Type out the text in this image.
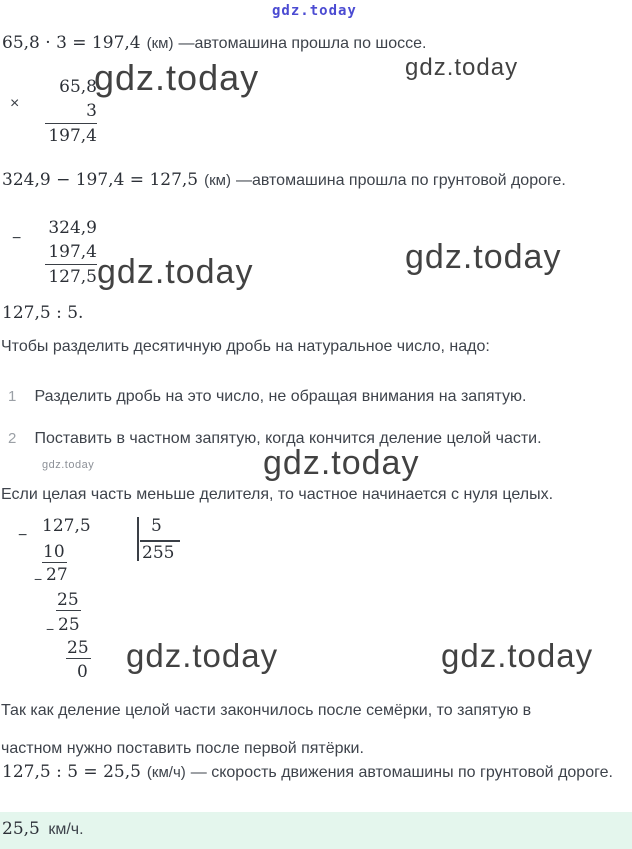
gdz.today
gdz.today	gdz.today
gdz.today
gdz.today
gdz.today	gdz.today
gdz.today	gdz.today
65,8 · 3 = 197,4 (км) —автомашина прошла по шоссе.
×
65,8
3
197,4
324,9 − 197,4 = 127,5 (км) —автомашина прошла по грунтовой дороге.
−
324,9
197,4
127,5
127,5 : 5.
Чтобы разделить десятичную дробь на натуральное число, надо:
1 Разделить дробь на это число, не обращая внимания на запятую.
2 Поставить в частном запятую, когда кончится деление целой части.
Если целая часть меньше делителя, то частное начинается с нуля целых.
− 127,5	5
255
10
− 27
25
− 25
25
0
Так как деление целой части закончилось после семёрки, то запятую в частном нужно поставить после первой пятёрки.
127,5 : 5 = 25,5 (км/ч) — скорость движения автомашины по грунтовой дороге.
25,5 км/ч.
